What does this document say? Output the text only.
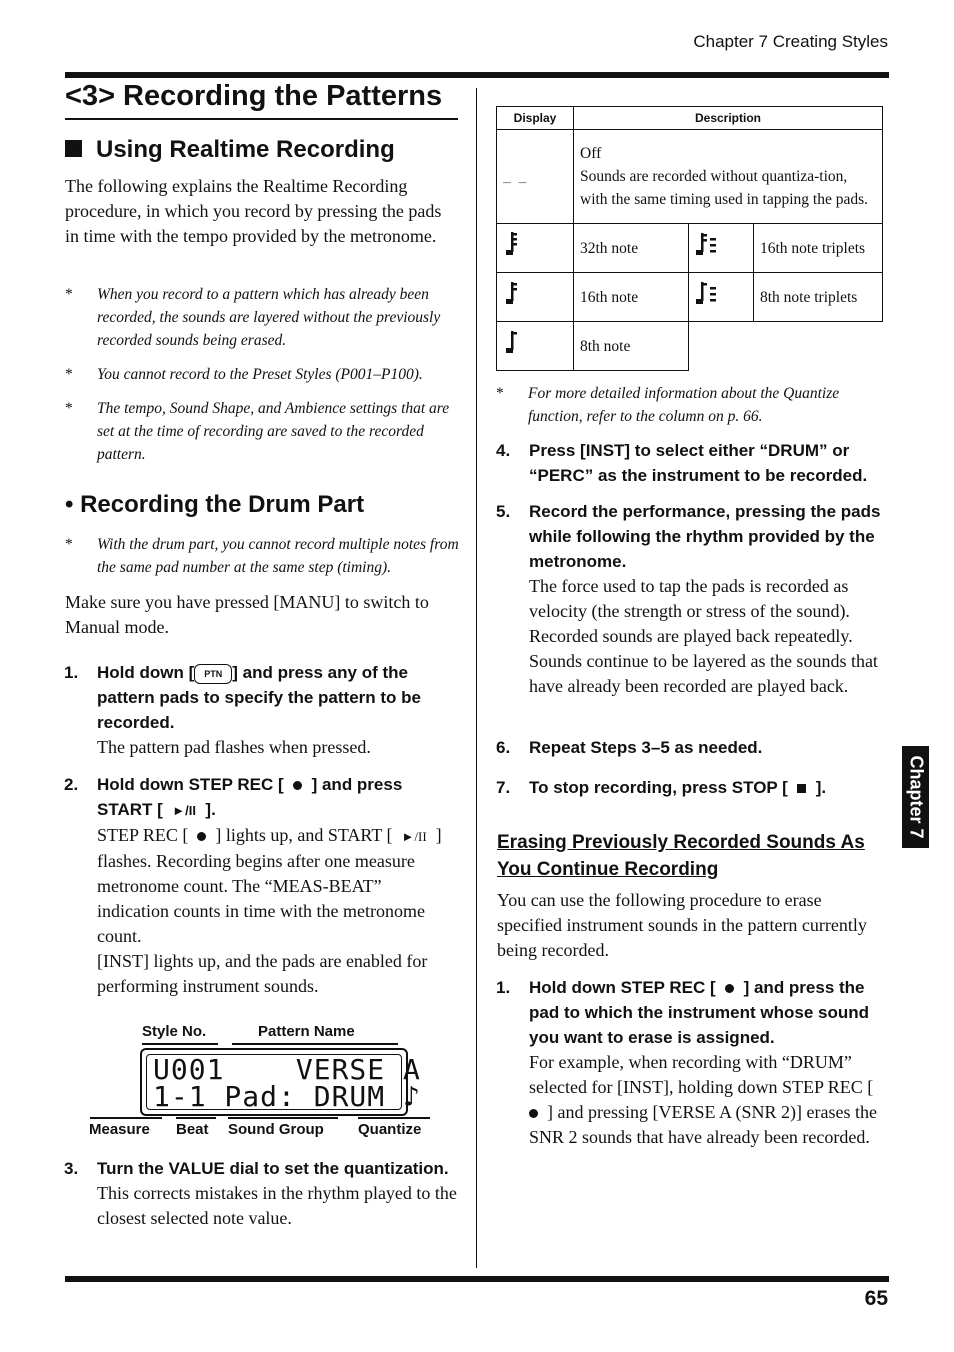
Chapter 7 Creating Styles
65
Chapter 7
<3> Recording the Patterns
Using Realtime Recording
The following explains the Realtime Recording procedure, in which you record by pressing the pads in time with the tempo provided by the metronome.
* When you record to a pattern which has already been recorded, the sounds are layered without the previously recorded sounds being erased.
* You cannot record to the Preset Styles (P001–P100).
* The tempo, Sound Shape, and Ambience settings that are set at the time of recording are saved to the recorded pattern.
• Recording the Drum Part
* With the drum part, you cannot record multiple notes from the same pad number at the same step (timing).
Make sure you have pressed [MANU] to switch to Manual mode.
1. Hold down [ PTN ] and press any of the pattern pads to specify the pattern to be recorded.
The pattern pad flashes when pressed.
2. Hold down STEP REC [ ] and press START [ ►/II ].
STEP REC [ ] lights up, and START [ ►/II ] flashes. Recording begins after one measure metronome count. The “MEAS-BEAT” indication counts in time with the metronome count.
[INST] lights up, and the pads are enabled for performing instrument sounds.
Style No.	Pattern Name
U001    VERSE A
1-1 Pad: DRUM ♪
Measure Beat Sound Group Quantize
3. Turn the VALUE dial to set the quantization.
This corrects mistakes in the rhythm played to the closest selected note value.
Display	Description		
_ _	Off
Sounds are recorded without quantiza-tion, with the same timing used in tapping the pads.		

	32th note		16th note triplets
	16th note		8th note triplets
	8th note		
* For more detailed information about the Quantize function, refer to the column on p. 66.
4. Press [INST] to select either “DRUM” or “PERC” as the instrument to be recorded.
5. Record the performance, pressing the pads while following the rhythm provided by the metronome.
The force used to tap the pads is recorded as velocity (the strength or stress of the sound). Recorded sounds are played back repeatedly. Sounds continue to be layered as the sounds that have already been recorded are played back.
6. Repeat Steps 3–5 as needed.
7. To stop recording, press STOP [ ].
Erasing Previously Recorded Sounds As You Continue Recording
You can use the following procedure to erase specified instrument sounds in the pattern currently being recorded.
1. Hold down STEP REC [ ] and press the pad to which the instrument whose sound you want to erase is assigned.
For example, when recording with “DRUM” selected for [INST], holding down STEP REC [    ] and pressing [VERSE A (SNR 2)] erases the SNR 2 sounds that have already been recorded.
